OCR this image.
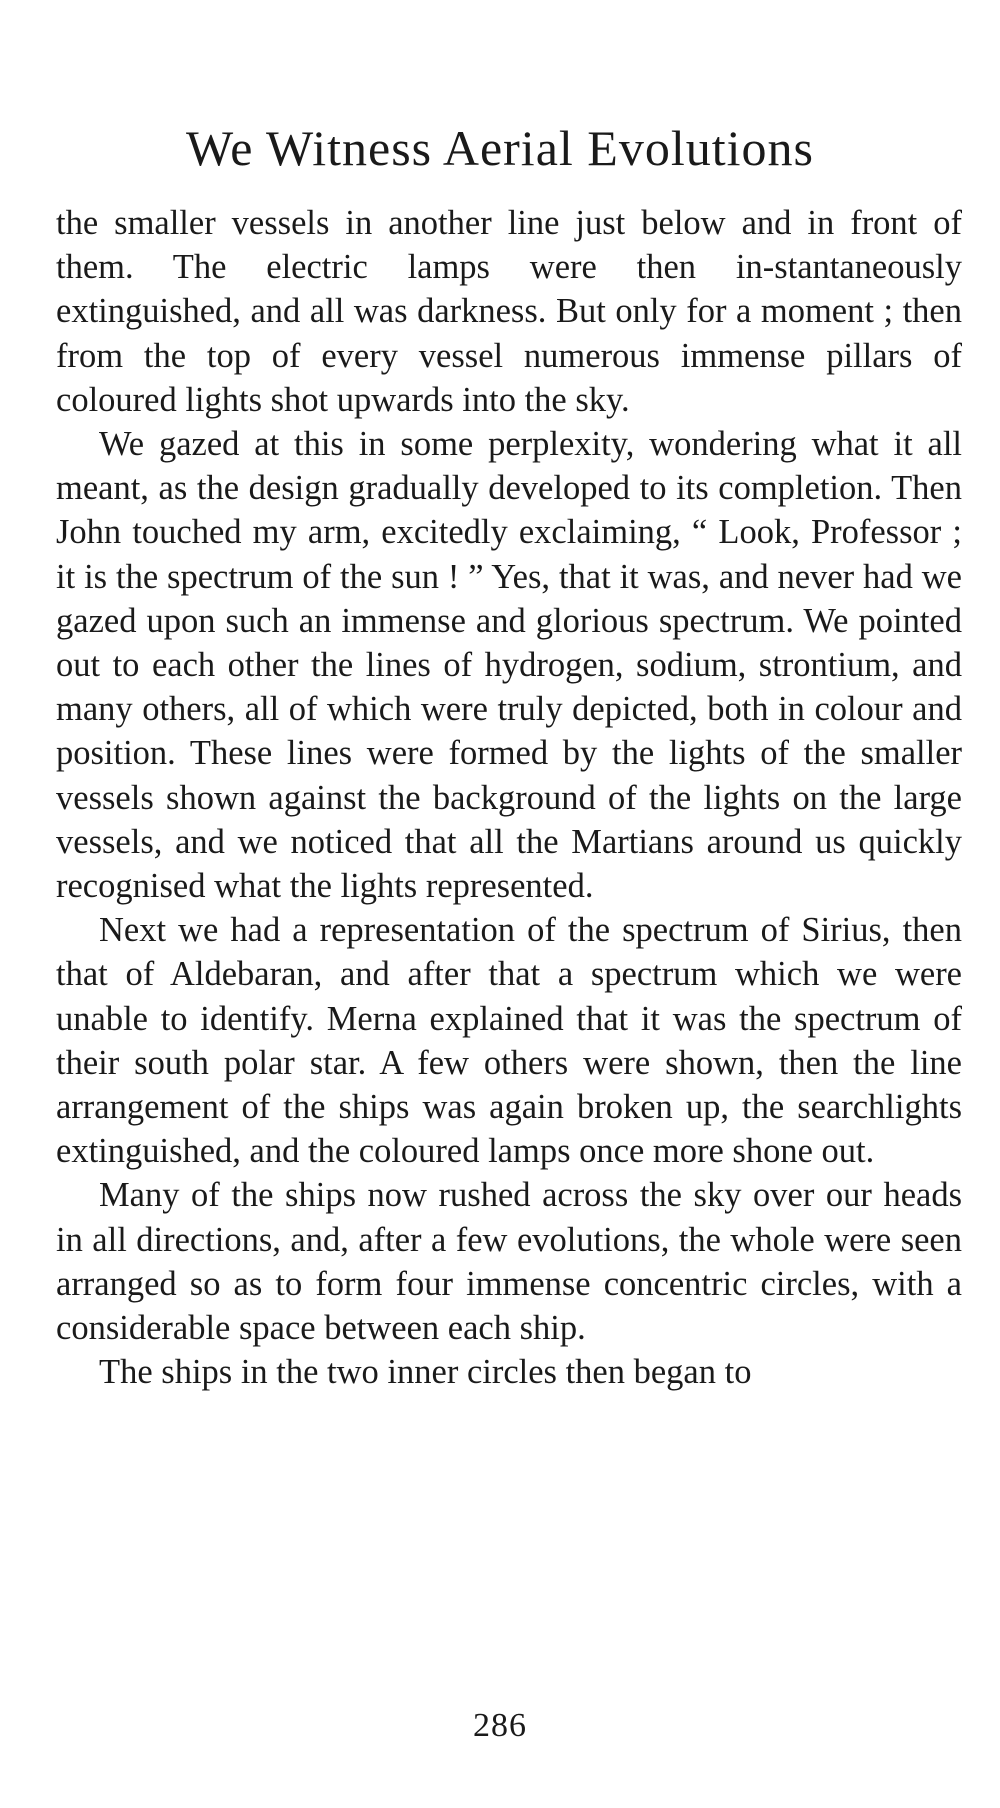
We Witness Aerial Evolutions

the smaller vessels in another line just below and in front of them. The electric lamps were then in-stantaneously extinguished, and all was darkness. But only for a moment ; then from the top of every vessel numerous immense pillars of coloured lights shot upwards into the sky.

We gazed at this in some perplexity, wondering what it all meant, as the design gradually developed to its completion. Then John touched my arm, excitedly exclaiming, “ Look, Professor ; it is the spectrum of the sun ! ” Yes, that it was, and never had we gazed upon such an immense and glorious spectrum. We pointed out to each other the lines of hydrogen, sodium, strontium, and many others, all of which were truly depicted, both in colour and position. These lines were formed by the lights of the smaller vessels shown against the background of the lights on the large vessels, and we noticed that all the Martians around us quickly recognised what the lights represented.

Next we had a representation of the spectrum of Sirius, then that of Aldebaran, and after that a spectrum which we were unable to identify. Merna explained that it was the spectrum of their south polar star. A few others were shown, then the line arrangement of the ships was again broken up, the searchlights extinguished, and the coloured lamps once more shone out.

Many of the ships now rushed across the sky over our heads in all directions, and, after a few evolutions, the whole were seen arranged so as to form four immense concentric circles, with a considerable space between each ship.

The ships in the two inner circles then began to

286
